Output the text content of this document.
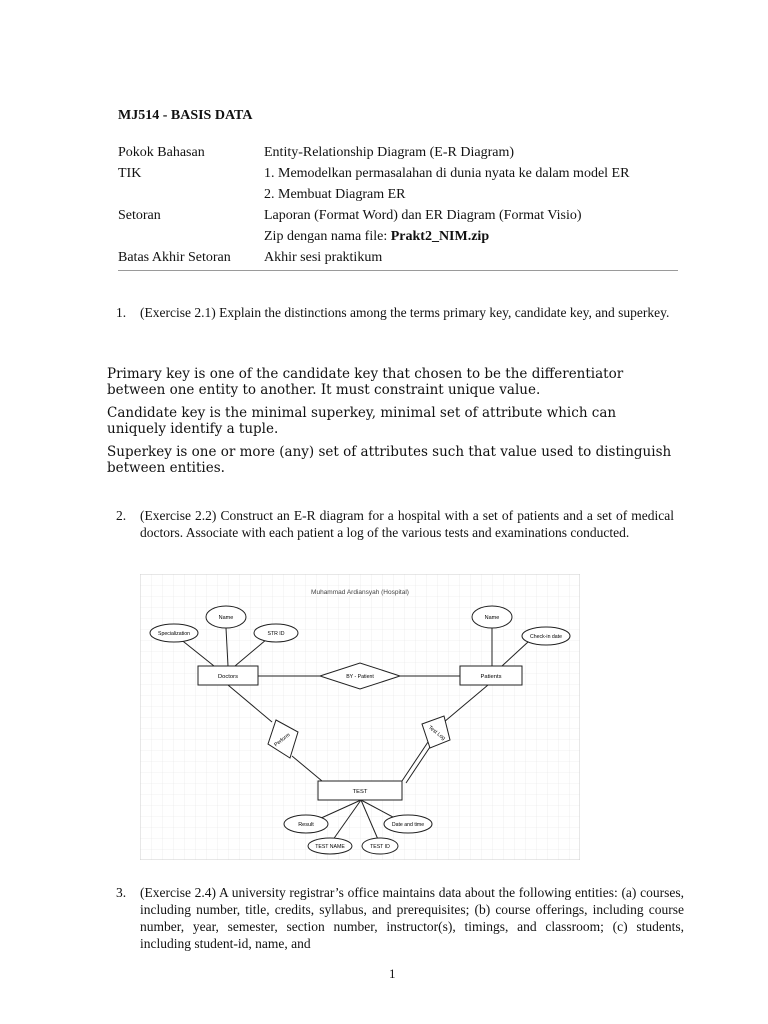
MJ514 - BASIS DATA
Pokok Bahasan	Entity-Relationship Diagram (E-R Diagram)
TIK	1. Memodelkan permasalahan di dunia nyata ke dalam model ER
	2. Membuat Diagram ER
Setoran	Laporan (Format Word) dan ER Diagram (Format Visio)
	Zip dengan nama file: Prakt2_NIM.zip
Batas Akhir Setoran	Akhir sesi praktikum
1. (Exercise 2.1) Explain the distinctions among the terms primary key, candidate key, and superkey.
Primary key is one of the candidate key that chosen to be the differentiator between one entity to another. It must constraint unique value.
Candidate key is the minimal superkey, minimal set of attribute which can uniquely identify a tuple.
Superkey is one or more (any) set of attributes such that value used to distinguish between entities.
2. (Exercise 2.2) Construct an E-R diagram for a hospital with a set of patients and a set of medical doctors. Associate with each patient a log of the various tests and examinations conducted.
Muhammad Ardiansyah (Hospital)
Name
Specialization	STR ID
Name
Check-in date
Result	Date and time
TEST NAME	TEST ID
Doctors	Patients
TEST
BY - Patient
Perform	Test Log
3. (Exercise 2.4) A university registrar’s office maintains data about the following entities: (a) courses, including number, title, credits, syllabus, and prerequisites; (b) course offerings, including course number, year, semester, section number, instructor(s), timings, and classroom; (c) students, including student-id, name, and
1
